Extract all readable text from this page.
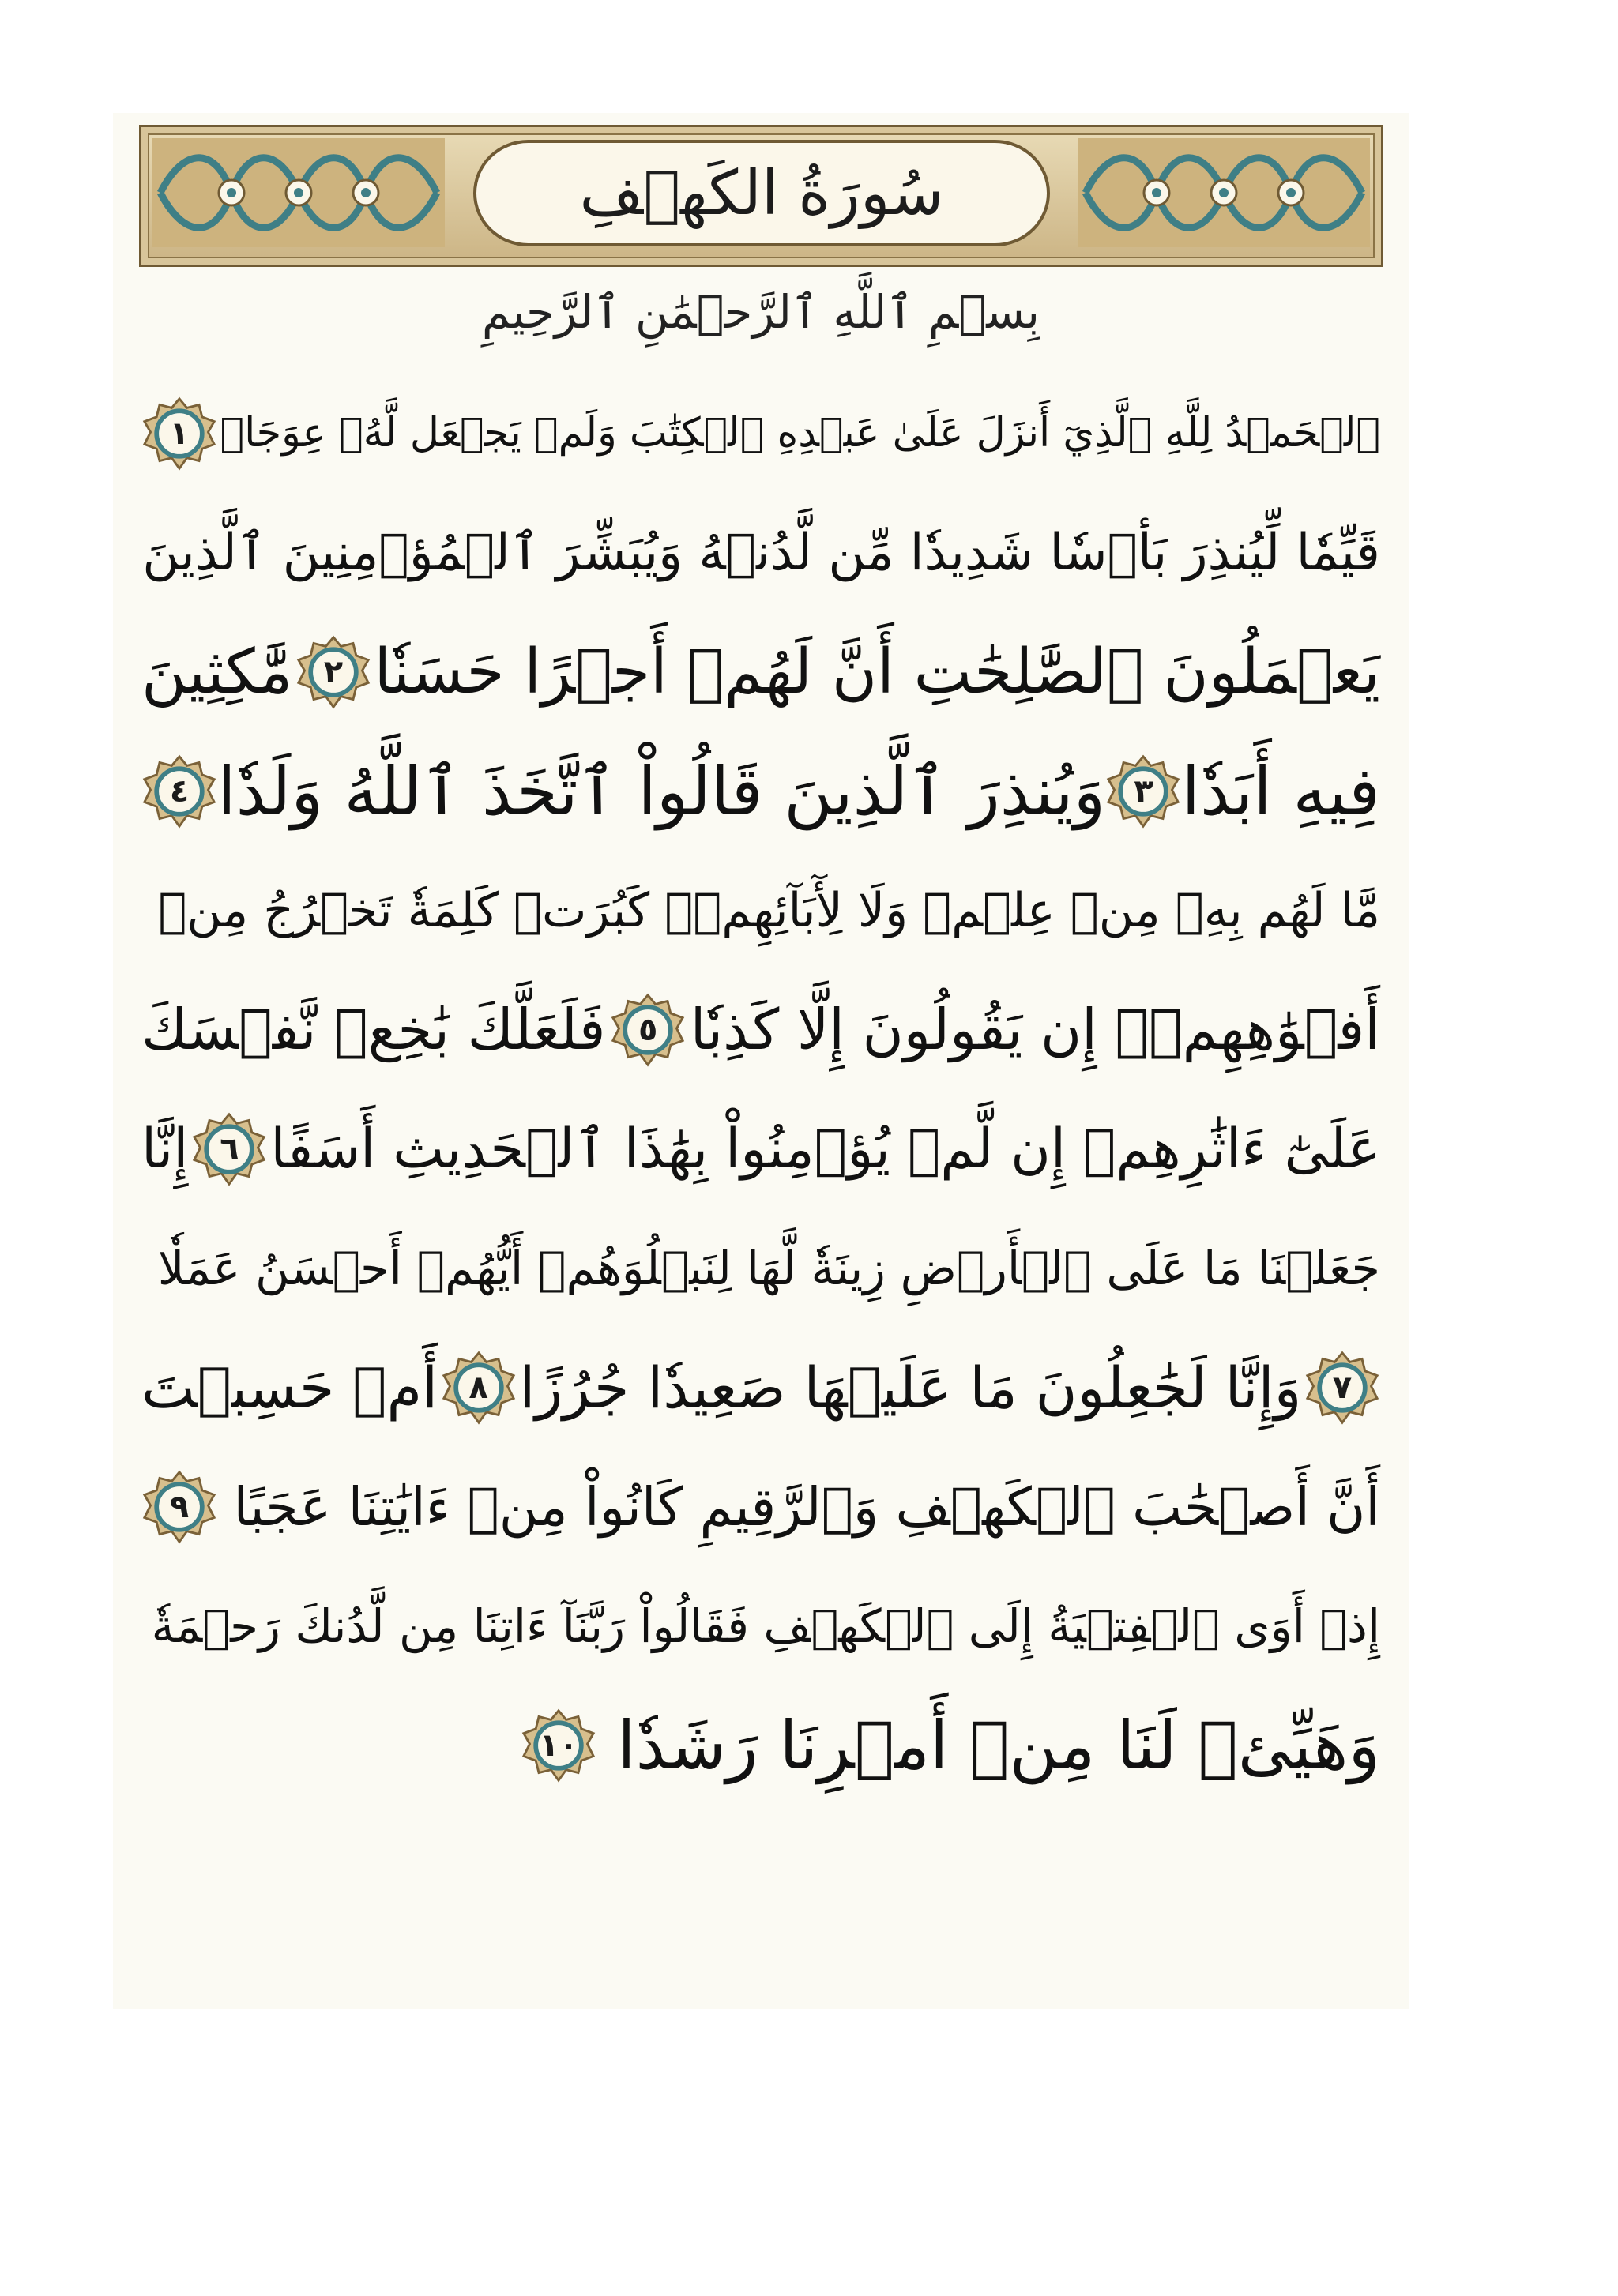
سُورَةُ الكَهۡفِ
بِسۡمِ ٱللَّهِ ٱلرَّحۡمَٰنِ ٱلرَّحِيمِ
ٱلۡحَمۡدُ لِلَّهِ ٱلَّذِيٓ أَنزَلَ عَلَىٰ عَبۡدِهِ ٱلۡكِتَٰبَ وَلَمۡ يَجۡعَل لَّهُۥ عِوَجَاۜ
١
قَيِّمٗا لِّيُنذِرَ بَأۡسٗا شَدِيدٗا مِّن لَّدُنۡهُ وَيُبَشِّرَ ٱلۡمُؤۡمِنِينَ ٱلَّذِينَ
يَعۡمَلُونَ ٱلصَّٰلِحَٰتِ أَنَّ لَهُمۡ أَجۡرًا حَسَنٗا
٢
مَّٰكِثِينَ
فِيهِ أَبَدٗا
٣
وَيُنذِرَ ٱلَّذِينَ قَالُواْ ٱتَّخَذَ ٱللَّهُ وَلَدٗا
٤
مَّا لَهُم بِهِۦ مِنۡ عِلۡمٖ وَلَا لِأٓبَآئِهِمۡۚ كَبُرَتۡ كَلِمَةٗ تَخۡرُجُ مِنۡ
أَفۡوَٰهِهِمۡۚ إِن يَقُولُونَ إِلَّا كَذِبٗا
٥
فَلَعَلَّكَ بَٰخِعٞ نَّفۡسَكَ
عَلَىٰٓ ءَاثَٰرِهِمۡ إِن لَّمۡ يُؤۡمِنُواْ بِهَٰذَا ٱلۡحَدِيثِ أَسَفًا
٦
إِنَّا
جَعَلۡنَا مَا عَلَى ٱلۡأَرۡضِ زِينَةٗ لَّهَا لِنَبۡلُوَهُمۡ أَيُّهُمۡ أَحۡسَنُ عَمَلٗا
٧
وَإِنَّا لَجَٰعِلُونَ مَا عَلَيۡهَا صَعِيدٗا جُرُزًا
٨
أَمۡ حَسِبۡتَ
أَنَّ أَصۡحَٰبَ ٱلۡكَهۡفِ وَٱلرَّقِيمِ كَانُواْ مِنۡ ءَايَٰتِنَا عَجَبًا
٩
إِذۡ أَوَى ٱلۡفِتۡيَةُ إِلَى ٱلۡكَهۡفِ فَقَالُواْ رَبَّنَآ ءَاتِنَا مِن لَّدُنكَ رَحۡمَةٗ
وَهَيِّئۡ لَنَا مِنۡ أَمۡرِنَا رَشَدٗا
١٠
